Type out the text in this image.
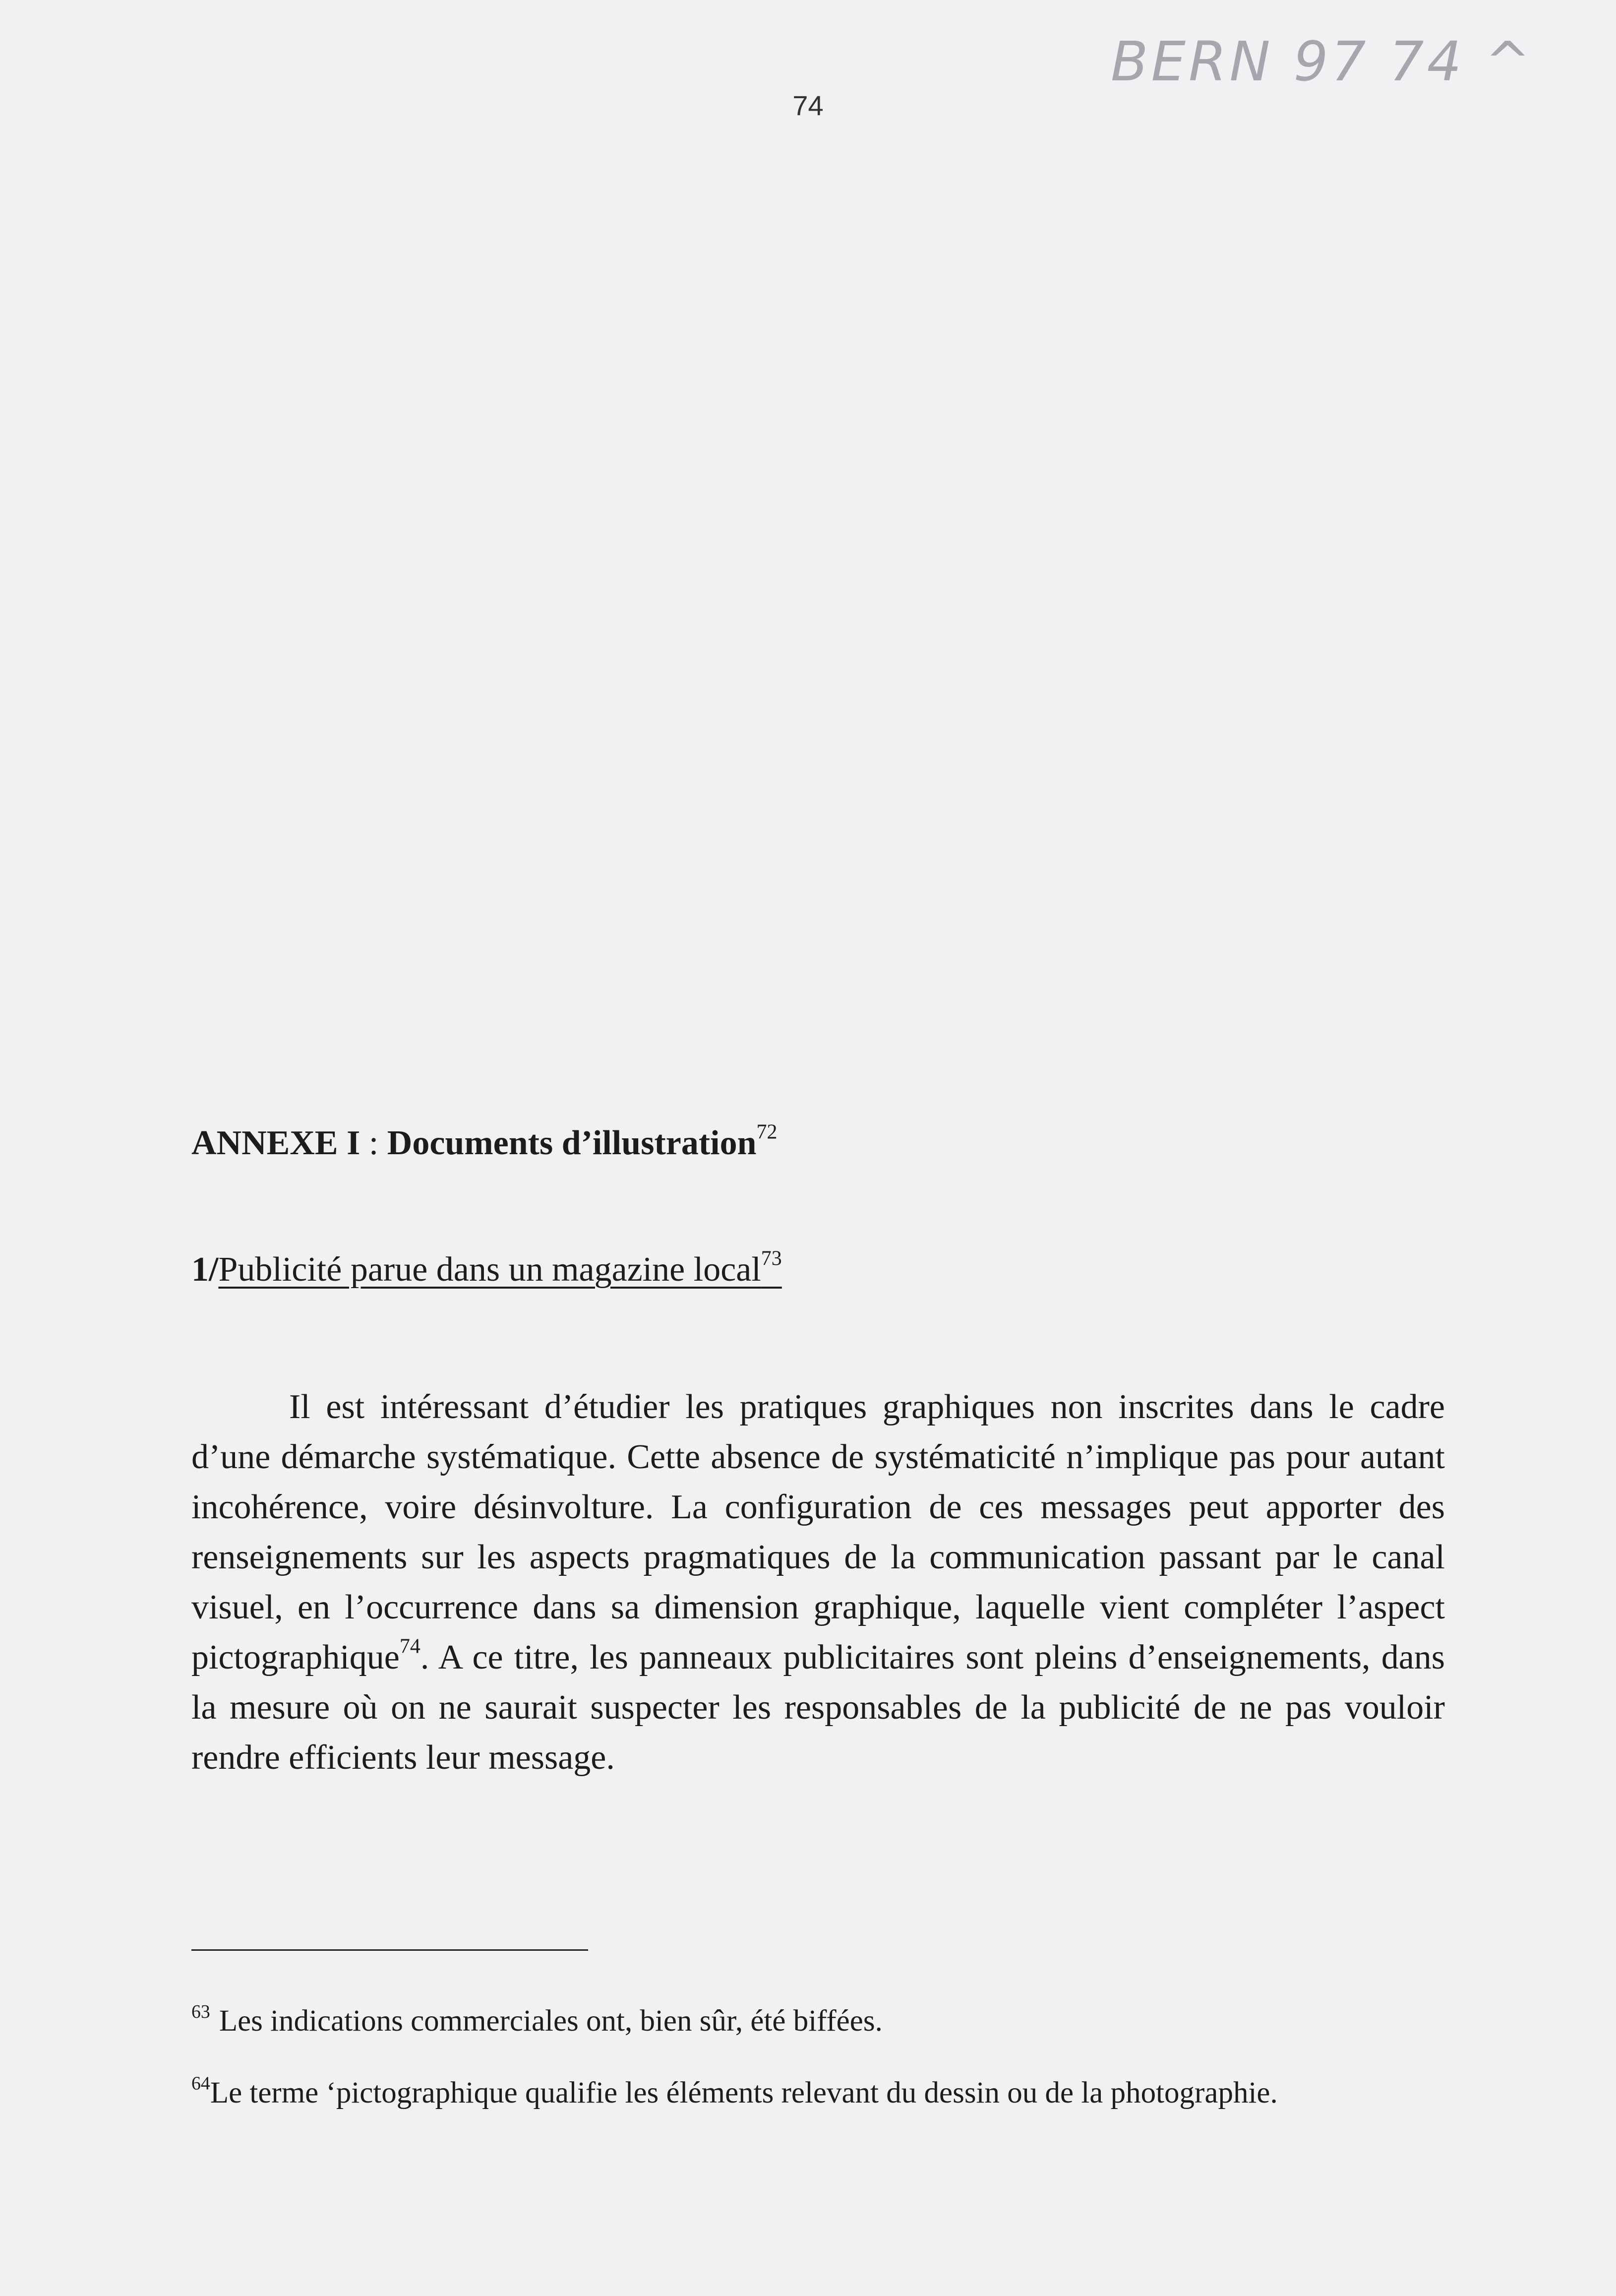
BERN 97 74 ^
74
ANNEXE I : Documents d’illustration$^{72}$
1/Publicité parue dans un magazine local$^{73}$

Il est intéressant d’étudier les pratiques graphiques non inscrites dans le cadre d’une démarche systématique. Cette absence de systématicité n’implique pas pour autant incohérence, voire désinvolture. La configuration de ces messages peut apporter des renseignements sur les aspects pragmatiques de la communication passant par le canal visuel, en l’occurrence dans sa dimension graphique, laquelle vient compléter l’aspect pictographique$^{74}$. A ce titre, les panneaux publicitaires sont pleins d’enseignements, dans la mesure où on ne saurait suspecter les responsables de la publicité de ne pas vouloir rendre efficients leur message.

$^{63}$ Les indications commerciales ont, bien sûr, été biffées.

$^{64}$Le terme ‘pictographique qualifie les éléments relevant du dessin ou de la photographie.
